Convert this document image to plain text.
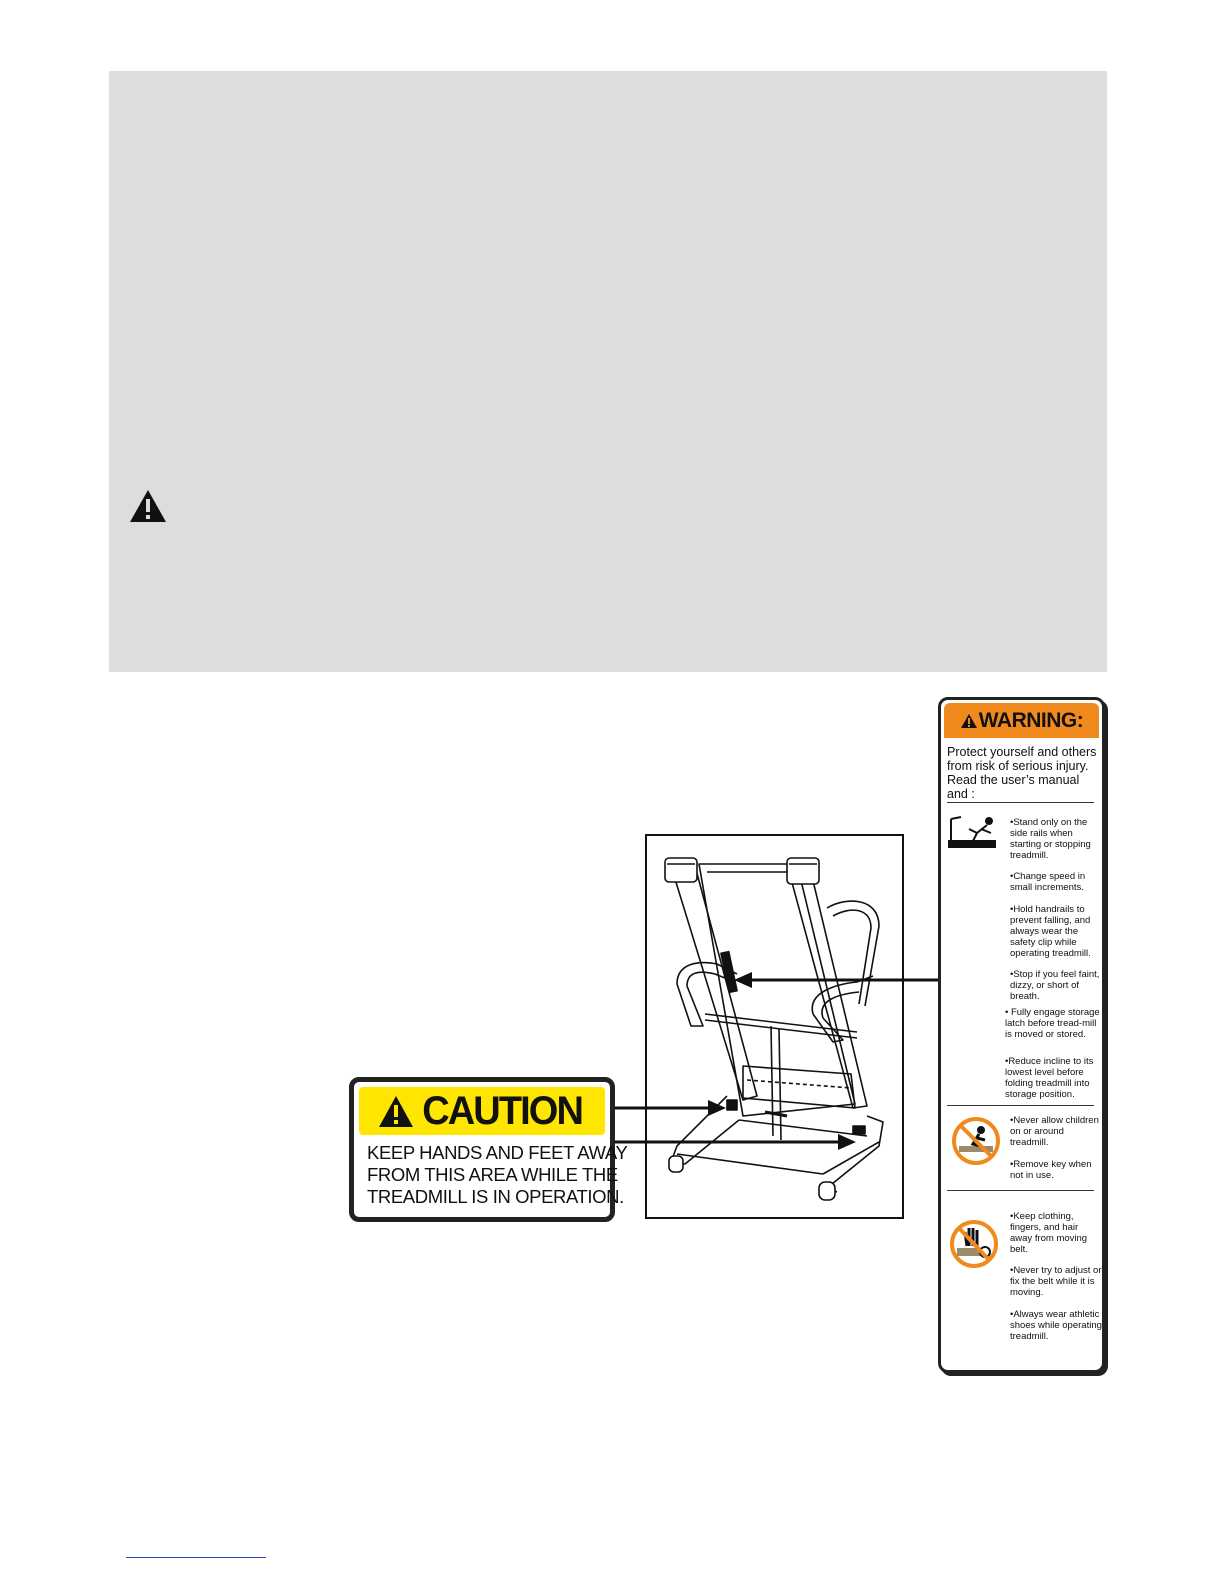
CAUTION
KEEP HANDS AND FEET AWAY
FROM THIS AREA WHILE THE
TREADMILL IS IN OPERATION.
WARNING:
Protect yourself and others from risk of serious injury. Read the user’s manual and :
•Stand only on the side rails when starting or stopping treadmill.
•Change speed in small increments.
•Hold handrails to prevent falling, and always wear the safety clip while operating treadmill.
•Stop if you feel faint, dizzy, or short of breath.
• Fully engage storage latch before tread-mill is moved or stored.
•Reduce incline to its lowest level before folding treadmill into storage position.
•Never allow children on or around treadmill.
•Remove key when not in use.
•Keep clothing, fingers, and hair away from moving belt.
•Never try to adjust or fix the belt while it is moving.
•Always wear athletic shoes while operating treadmill.
